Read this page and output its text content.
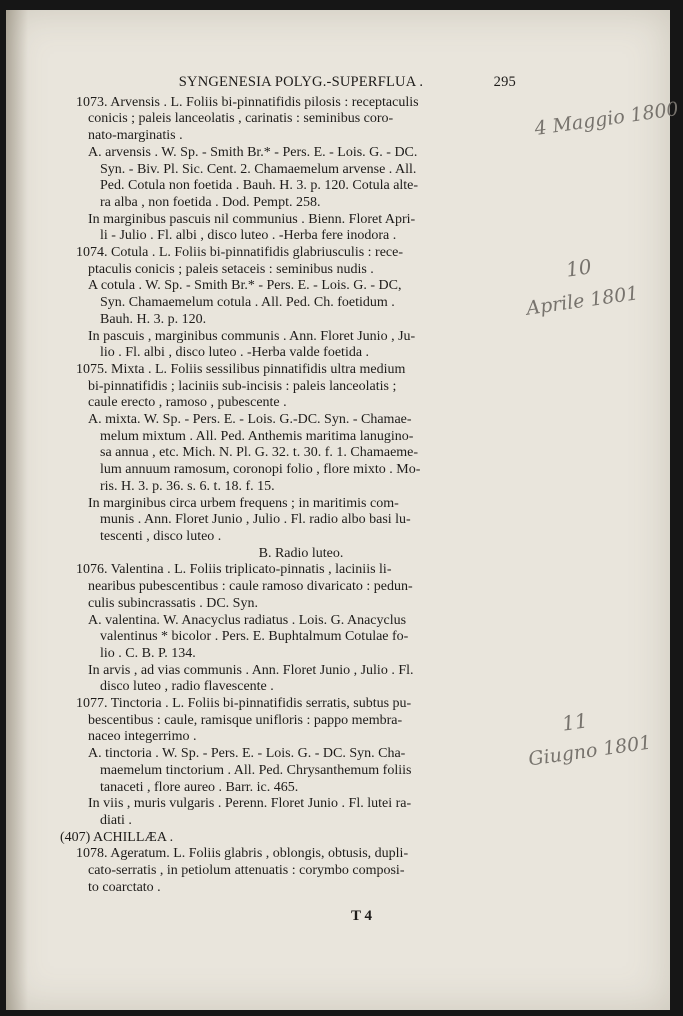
SYNGENESIA POLYG.-SUPERFLUA .	295
1073. Arvensis . L. Foliis bi-pinnatifidis pilosis : receptaculis
conicis ; paleis lanceolatis , carinatis : seminibus coro-
nato-marginatis .
A. arvensis . W. Sp. - Smith Br.* - Pers. E. - Lois. G. - DC.
Syn. - Biv. Pl. Sic. Cent. 2. Chamaemelum arvense . All.
Ped. Cotula non foetida . Bauh. H. 3. p. 120. Cotula alte-
ra alba , non foetida . Dod. Pempt. 258.
In marginibus pascuis nil communius . Bienn. Floret Apri-
li - Julio . Fl. albi , disco luteo . -Herba fere inodora .
1074. Cotula . L. Foliis bi-pinnatifidis glabriusculis : rece-
ptaculis conicis ; paleis setaceis : seminibus nudis .
A cotula . W. Sp. - Smith Br.* - Pers. E. - Lois. G. - DC,
Syn. Chamaemelum cotula . All. Ped. Ch. foetidum .
Bauh. H. 3. p. 120.
In pascuis , marginibus communis . Ann. Floret Junio , Ju-
lio . Fl. albi , disco luteo . -Herba valde foetida .
1075. Mixta . L. Foliis sessilibus pinnatifidis ultra medium
bi-pinnatifidis ; laciniis sub-incisis : paleis lanceolatis ;
caule erecto , ramoso , pubescente .
A. mixta. W. Sp. - Pers. E. - Lois. G.-DC. Syn. - Chamae-
melum mixtum . All. Ped. Anthemis maritima lanugino-
sa annua , etc. Mich. N. Pl. G. 32. t. 30. f. 1. Chamaeme-
lum annuum ramosum, coronopi folio , flore mixto . Mo-
ris. H. 3. p. 36. s. 6. t. 18. f. 15.
In marginibus circa urbem frequens ; in maritimis com-
munis . Ann. Floret Junio , Julio . Fl. radio albo basi lu-
tescenti , disco luteo .
B. Radio luteo.
1076. Valentina . L. Foliis triplicato-pinnatis , laciniis li-
nearibus pubescentibus : caule ramoso divaricato : pedun-
culis subincrassatis . DC. Syn.
A. valentina. W. Anacyclus radiatus . Lois. G. Anacyclus
valentinus * bicolor . Pers. E. Buphtalmum Cotulae fo-
lio . C. B. P. 134.
In arvis , ad vias communis . Ann. Floret Junio , Julio . Fl.
disco luteo , radio flavescente .
1077. Tinctoria . L. Foliis bi-pinnatifidis serratis, subtus pu-
bescentibus : caule, ramisque unifloris : pappo membra-
naceo integerrimo .
A. tinctoria . W. Sp. - Pers. E. - Lois. G. - DC. Syn. Cha-
maemelum tinctorium . All. Ped. Chrysanthemum foliis
tanaceti , flore aureo . Barr. ic. 465.
In viis , muris vulgaris . Perenn. Floret Junio . Fl. lutei ra-
diati .
(407) ACHILLÆA .
1078. Ageratum. L. Foliis glabris , oblongis, obtusis, dupli-
cato-serratis , in petiolum attenuatis : corymbo composi-
to coarctato .
T 4
4 Maggio 1800
10
Aprile 1801
11
Giugno 1801
